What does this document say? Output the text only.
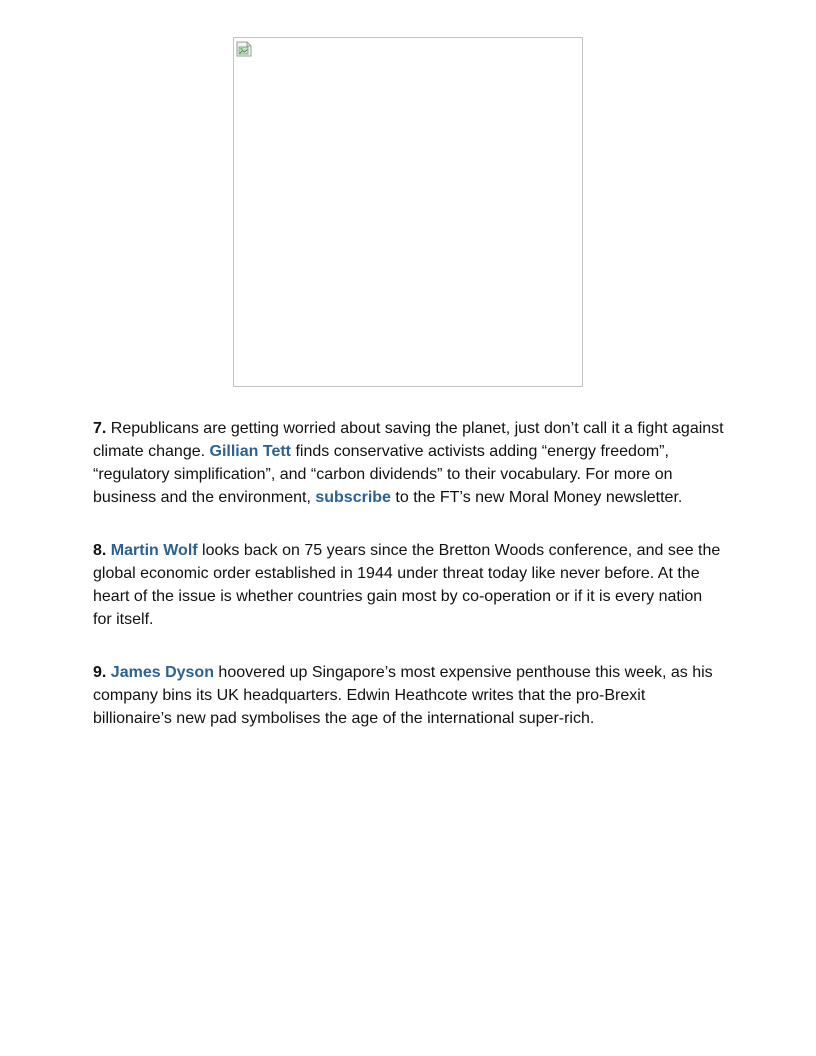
7. Republicans are getting worried about saving the planet, just don’t call it a fight against climate change. Gillian Tett finds conservative activists adding “energy freedom”, “regulatory simplification”, and “carbon dividends” to their vocabulary. For more on business and the environment, subscribe to the FT’s new Moral Money newsletter.

8. Martin Wolf looks back on 75 years since the Bretton Woods conference, and see the global economic order established in 1944 under threat today like never before. At the heart of the issue is whether countries gain most by co-operation or if it is every nation for itself.

9. James Dyson hoovered up Singapore’s most expensive penthouse this week, as his company bins its UK headquarters. Edwin Heathcote writes that the pro-Brexit billionaire’s new pad symbolises the age of the international super-rich.
